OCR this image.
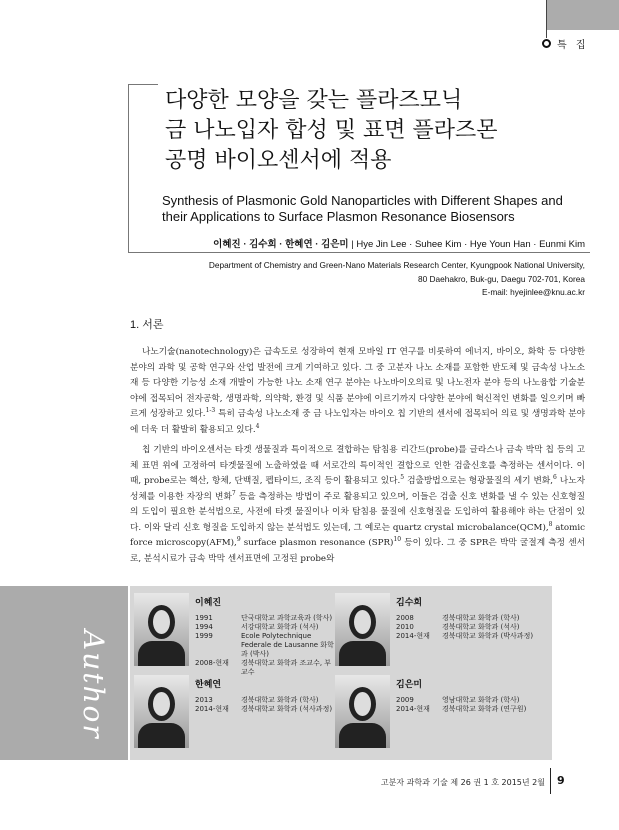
특 집
다양한 모양을 갖는 플라즈모닉
금 나노입자 합성 및 표면 플라즈몬
공명 바이오센서에 적용
Synthesis of Plasmonic Gold Nanoparticles with Different Shapes and
their Applications to Surface Plasmon Resonance Biosensors
이혜진 · 김수희 · 한혜연 · 김은미 | Hye Jin Lee · Suhee Kim · Hye Youn Han · Eunmi Kim
Department of Chemistry and Green-Nano Materials Research Center, Kyungpook National University,
80 Daehakro, Buk-gu, Daegu 702-701, Korea
E-mail: hyejinlee@knu.ac.kr
1. 서론
나노기술(nanotechnology)은 급속도로 성장하여 현재 모바일 IT 연구를 비롯하여 에너지, 바이오, 화학 등 다양한 분야의 과학 및 공학 연구와 산업 발전에 크게 기여하고 있다. 그 중 고분자 나노 소재를 포함한 반도체 및 금속성 나노소재 등 다양한 기능성 소재 개발이 가능한 나노 소재 연구 분야는 나노바이오의료 및 나노전자 분야 등의 나노융합 기술분야에 접목되어 전자공학, 생명과학, 의약학, 환경 및 식품 분야에 이르기까지 다양한 분야에 혁신적인 변화를 일으키며 빠르게 성장하고 있다.$^{1-3}$ 특히 금속성 나노소재 중 금 나노입자는 바이오 칩 기반의 센서에 접목되어 의료 및 생명과학 분야에 더욱 더 활발히 활용되고 있다.$^4$
칩 기반의 바이오센서는 타겟 생물질과 특이적으로 결합하는 탐침용 리간드(probe)를 글라스나 금속 박막 칩 등의 고체 표면 위에 고정하여 타겟물질에 노출하였을 때 서로간의 특이적인 결합으로 인한 검출신호를 측정하는 센서이다. 이때, probe로는 핵산, 항체, 단백질, 펩타이드, 조직 등이 활용되고 있다.$^5$ 검출방법으로는 형광물질의 세기 변화,$^6$ 나노자성체를 이용한 자장의 변화$^7$ 등을 측정하는 방법이 주로 활용되고 있으며, 이들은 검출 신호 변화를 낼 수 있는 신호형질의 도입이 필요한 분석법으로, 사전에 타겟 물질이나 이차 탐침용 물질에 신호형질을 도입하여 활용해야 하는 단점이 있다. 이와 달리 신호 형질을 도입하지 않는 분석법도 있는데, 그 예로는 quartz crystal microbalance(QCM),$^8$ atomic force microscopy(AFM),$^9$ surface plasmon resonance (SPR)$^{10}$ 등이 있다. 그 중 SPR은 박막 굴절계 측정 센서로, 분석시료가 금속 박막 센서표면에 고정된 probe와
Author
이혜진
1991	단국대학교 과학교육과 (학사)
1994	서강대학교 화학과 (석사)
1999	Ecole Polytechnique Federale de Lausanne 화학과 (박사)
2008-현재	경북대학교 화학과 조교수, 부교수
김수희
2008	경북대학교 화학과 (학사)
2010	경북대학교 화학과 (석사)
2014-현재	경북대학교 화학과 (박사과정)
한혜연
2013	경북대학교 화학과 (학사)
2014-현재	경북대학교 화학과 (석사과정)
김은미
2009	영남대학교 화학과 (학사)
2014-현재	경북대학교 화학과 (연구원)
고분자 과학과 기술 제 26 권 1 호 2015년 2월 9
